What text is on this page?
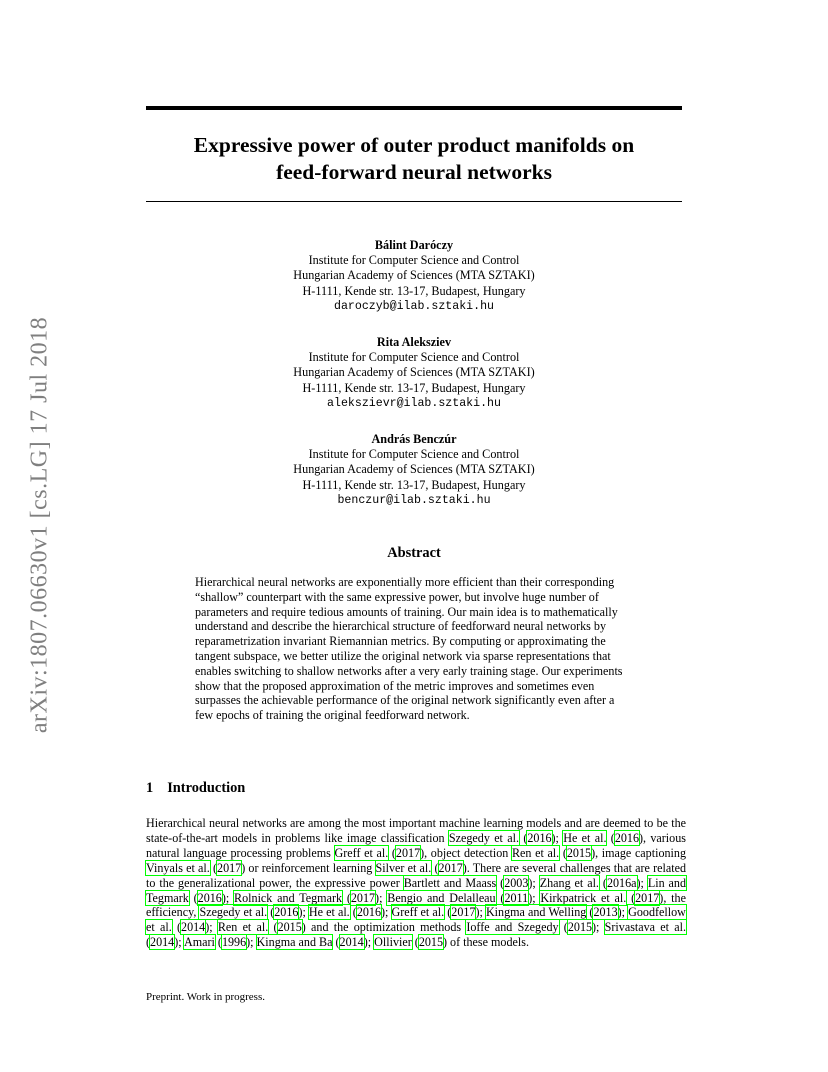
arXiv:1807.06630v1 [cs.LG] 17 Jul 2018
Expressive power of outer product manifolds on
feed-forward neural networks
Bálint Daróczy
Institute for Computer Science and Control
Hungarian Academy of Sciences (MTA SZTAKI)
H-1111, Kende str. 13-17, Budapest, Hungary
daroczyb@ilab.sztaki.hu
Rita Aleksziev
Institute for Computer Science and Control
Hungarian Academy of Sciences (MTA SZTAKI)
H-1111, Kende str. 13-17, Budapest, Hungary
alekszievr@ilab.sztaki.hu
András Benczúr
Institute for Computer Science and Control
Hungarian Academy of Sciences (MTA SZTAKI)
H-1111, Kende str. 13-17, Budapest, Hungary
benczur@ilab.sztaki.hu
Abstract

Hierarchical neural networks are exponentially more efficient than their corresponding “shallow” counterpart with the same expressive power, but involve huge number of parameters and require tedious amounts of training. Our main idea is to mathematically understand and describe the hierarchical structure of feedforward neural networks by reparametrization invariant Riemannian metrics. By computing or approximating the tangent subspace, we better utilize the original network via sparse representations that enables switching to shallow networks after a very early training stage. Our experiments show that the proposed approximation of the metric improves and sometimes even surpasses the achievable performance of the original network significantly even after a few epochs of training the original feedforward network.

1 Introduction

Hierarchical neural networks are among the most important machine learning models and are deemed to be the state-of-the-art models in problems like image classification Szegedy et al. (2016); He et al. (2016), various natural language processing problems Greff et al. (2017), object detection Ren et al. (2015), image captioning Vinyals et al. (2017) or reinforcement learning Silver et al. (2017). There are several challenges that are related to the generalizational power, the expressive power Bartlett and Maass (2003); Zhang et al. (2016a); Lin and Tegmark (2016); Rolnick and Tegmark (2017); Bengio and Delalleau (2011); Kirkpatrick et al. (2017), the efficiency, Szegedy et al. (2016); He et al. (2016); Greff et al. (2017); Kingma and Welling (2013); Goodfellow et al. (2014); Ren et al. (2015) and the optimization methods Ioffe and Szegedy (2015); Srivastava et al. (2014); Amari (1996); Kingma and Ba (2014); Ollivier (2015) of these models.

Preprint. Work in progress.
